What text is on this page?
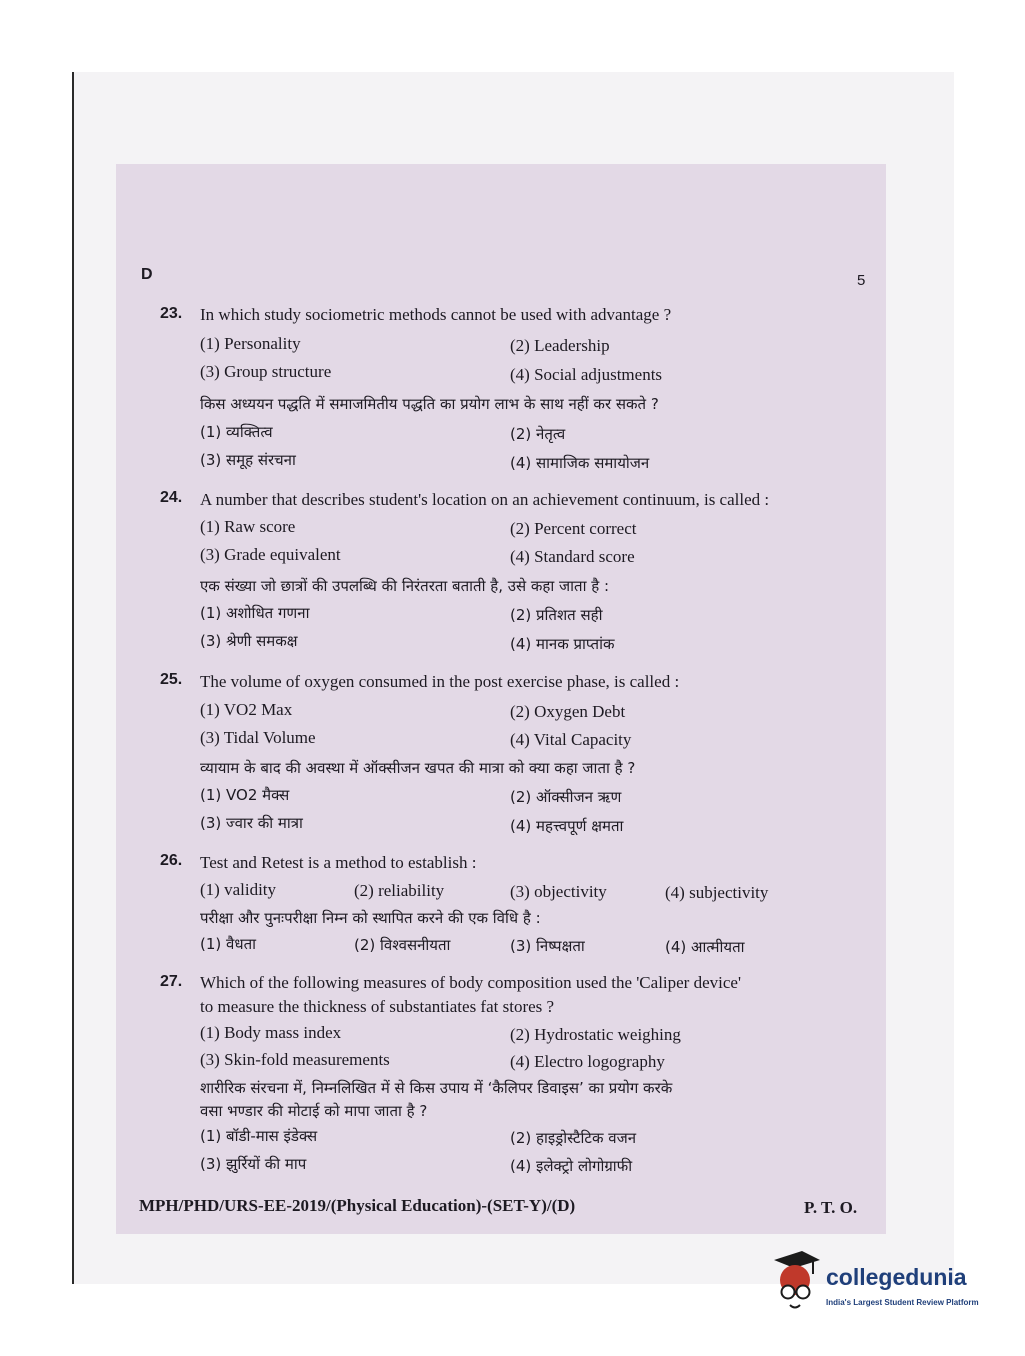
D	5
23. In which study sociometric methods cannot be used with advantage ?
(1) Personality	(2) Leadership
(3) Group structure	(4) Social adjustments
किस अध्ययन पद्धति में समाजमितीय पद्धति का प्रयोग लाभ के साथ नहीं कर सकते ?
(1) व्यक्तित्व	(2) नेतृत्व
(3) समूह संरचना	(4) सामाजिक समायोजन
24. A number that describes student's location on an achievement continuum, is called :
(1) Raw score	(2) Percent correct
(3) Grade equivalent	(4) Standard score
एक संख्या जो छात्रों की उपलब्धि की निरंतरता बताती है, उसे कहा जाता है :
(1) अशोधित गणना	(2) प्रतिशत सही
(3) श्रेणी समकक्ष	(4) मानक प्राप्तांक
25. The volume of oxygen consumed in the post exercise phase, is called :
(1) VO2 Max	(2) Oxygen Debt
(3) Tidal Volume	(4) Vital Capacity
व्यायाम के बाद की अवस्था में ऑक्सीजन खपत की मात्रा को क्या कहा जाता है ?
(1) VO2 मैक्स	(2) ऑक्सीजन ऋण
(3) ज्वार की मात्रा	(4) महत्त्वपूर्ण क्षमता
26. Test and Retest is a method to establish :
(1) validity	(2) reliability	(3) objectivity	(4) subjectivity
परीक्षा और पुनःपरीक्षा निम्न को स्थापित करने की एक विधि है :
(1) वैधता	(2) विश्वसनीयता	(3) निष्पक्षता	(4) आत्मीयता
27. Which of the following measures of body composition used the 'Caliper device'
to measure the thickness of substantiates fat stores ?
(1) Body mass index	(2) Hydrostatic weighing
(3) Skin-fold measurements	(4) Electro logography
शारीरिक संरचना में, निम्नलिखित में से किस उपाय में ‘कैलिपर डिवाइस’ का प्रयोग करके
वसा भण्डार की मोटाई को मापा जाता है ?
(1) बॉडी-मास इंडेक्स	(2) हाइड्रोस्टैटिक वजन
(3) झुर्रियों की माप	(4) इलेक्ट्रो लोगोग्राफी
MPH/PHD/URS-EE-2019/(Physical Education)-(SET-Y)/(D)	P. T. O.
collegedunia
India's Largest Student Review Platform
